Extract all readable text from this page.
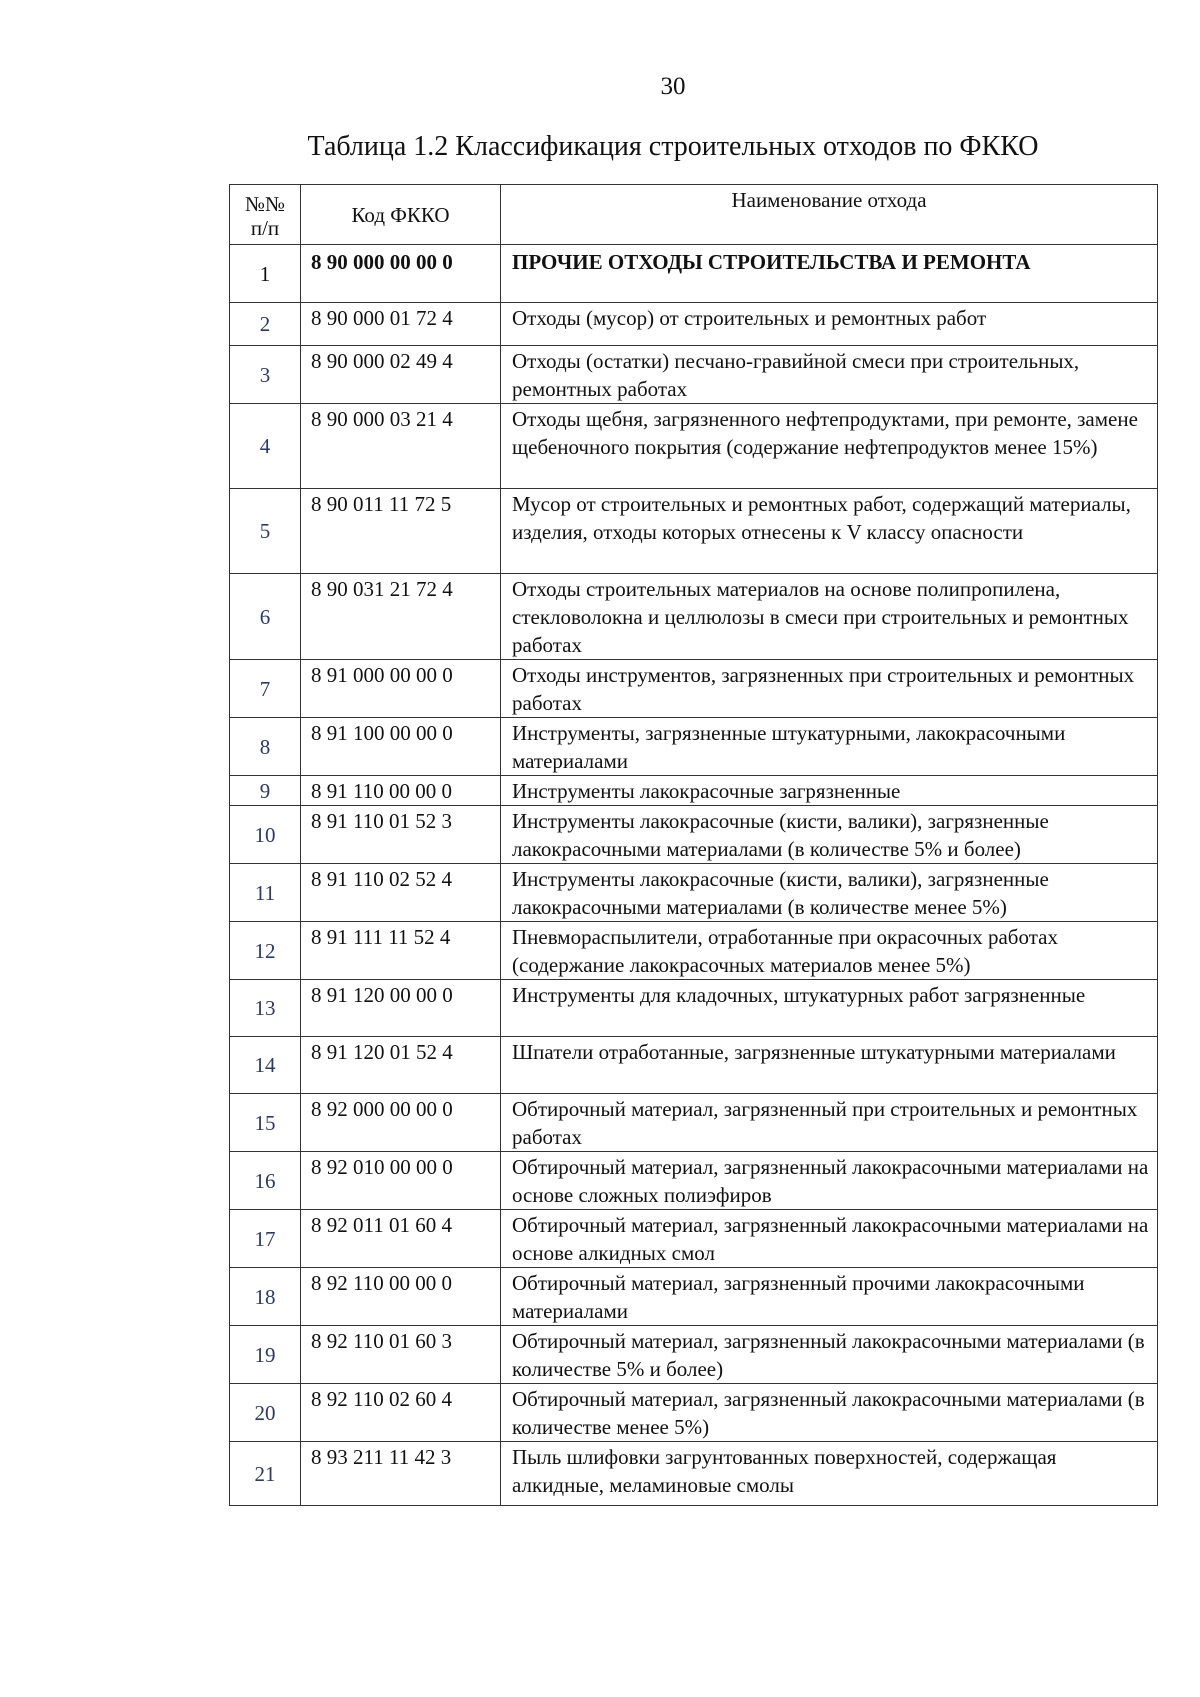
30
Таблица 1.2 Классификация строительных отходов по ФККО
№№
п/п	Код ФККО	Наименование отхода
1	8 90 000 00 00 0	ПРОЧИЕ ОТХОДЫ СТРОИТЕЛЬСТВА И РЕМОНТА
2	8 90 000 01 72 4	Отходы (мусор) от строительных и ремонтных работ
3	8 90 000 02 49 4	Отходы (остатки) песчано-гравийной смеси при строительных, ремонтных работах
4	8 90 000 03 21 4	Отходы щебня, загрязненного нефтепродуктами, при ремонте, замене щебеночного покрытия (содержание нефтепродуктов менее 15%)
5	8 90 011 11 72 5	Мусор от строительных и ремонтных работ, содержащий материалы, изделия, отходы которых отнесены к V классу опасности
6	8 90 031 21 72 4	Отходы строительных материалов на основе полипропилена, стекловолокна и целлюлозы в смеси при строительных и ремонтных работах
7	8 91 000 00 00 0	Отходы инструментов, загрязненных при строительных и ремонтных работах
8	8 91 100 00 00 0	Инструменты, загрязненные штукатурными, лакокрасочными материалами
9	8 91 110 00 00 0	Инструменты лакокрасочные загрязненные
10	8 91 110 01 52 3	Инструменты лакокрасочные (кисти, валики), загрязненные лакокрасочными материалами (в количестве 5% и более)
11	8 91 110 02 52 4	Инструменты лакокрасочные (кисти, валики), загрязненные лакокрасочными материалами (в количестве менее 5%)
12	8 91 111 11 52 4	Пневмораспылители, отработанные при окрасочных работах (содержание лакокрасочных материалов менее 5%)
13	8 91 120 00 00 0	Инструменты для кладочных, штукатурных работ загрязненные
14	8 91 120 01 52 4	Шпатели отработанные, загрязненные штукатурными материалами
15	8 92 000 00 00 0	Обтирочный материал, загрязненный при строительных и ремонтных работах
16	8 92 010 00 00 0	Обтирочный материал, загрязненный лакокрасочными материалами на основе сложных полиэфиров
17	8 92 011 01 60 4	Обтирочный материал, загрязненный лакокрасочными материалами на основе алкидных смол
18	8 92 110 00 00 0	Обтирочный материал, загрязненный прочими лакокрасочными материалами
19	8 92 110 01 60 3	Обтирочный материал, загрязненный лакокрасочными материалами (в количестве 5% и более)
20	8 92 110 02 60 4	Обтирочный материал, загрязненный лакокрасочными материалами (в количестве менее 5%)
21	8 93 211 11 42 3	Пыль шлифовки загрунтованных поверхностей, содержащая алкидные, меламиновые смолы
